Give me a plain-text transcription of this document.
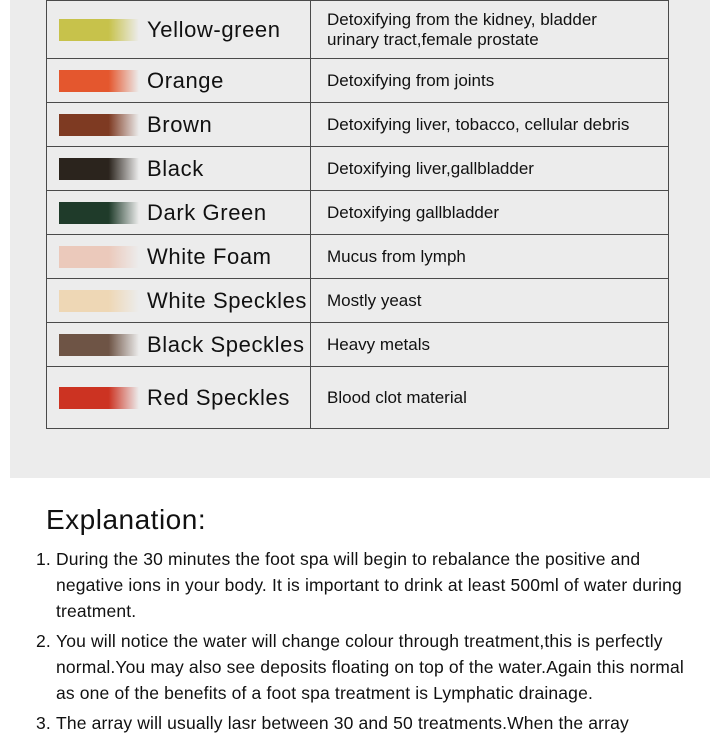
Yellow-green	Detoxifying from the kidney, bladder
urinary tract,female prostate

Orange	Detoxifying from joints

Brown	Detoxifying liver, tobacco, cellular debris

Black	Detoxifying liver,gallbladder

Dark Green	Detoxifying gallbladder

White Foam	Mucus from lymph

White Speckles	Mostly yeast

Black Speckles	Heavy metals

Red Speckles	Blood clot material
Explanation:
1. During the 30 minutes the foot spa will begin to rebalance the positive and negative ions in your body. It is important to drink at least 500ml of water during treatment.
2. You will notice the water will change colour through treatment,this is perfectly normal.You may also see deposits floating on top of the water.Again this normal as one of the benefits of a foot spa treatment is Lymphatic drainage.
3. The array will usually lasr between 30 and 50 treatments.When the array
